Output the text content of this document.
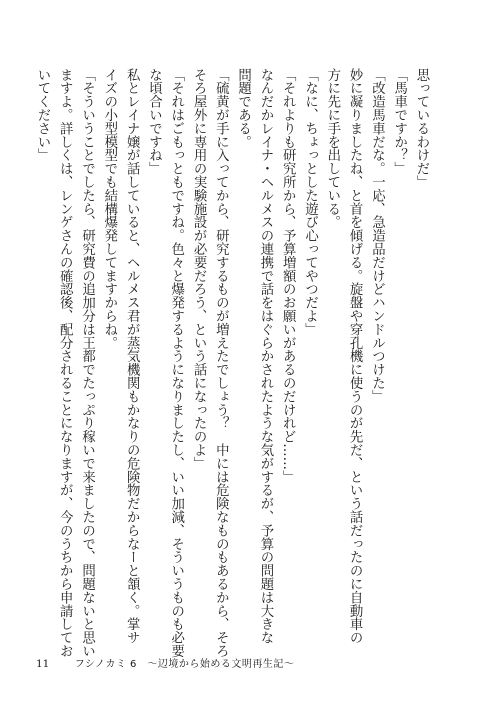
思っているわけだ」
「馬車ですか？」
「改造馬車だな。一応、急造品だけどハンドルつけた」
妙に凝りましたね、と首を傾げる。旋盤や穿孔機に使うのが先だ、という話だったのに自動車の
方に先に手を出している。
「なに、ちょっとした遊び心ってやつだよ」
「それよりも研究所から、予算増額のお願いがあるのだけれど……」
なんだかレイナ・ヘルメスの連携で話をはぐらかされたような気がするが、予算の問題は大きな
問題である。
「硫黄が手に入ってから、研究するものが増えたでしょう？　中には危険なものもあるから、そろ
そろ屋外に専用の実験施設が必要だろう、という話になったのよ」
「それはごもっともですね。色々と爆発するようになりましたし、いい加減、そういうものも必要
な頃合いですね」
私とレイナ嬢が話していると、ヘルメス君が蒸気機関もかなりの危険物だからなーと頷く。掌サ
イズの小型模型でも結構爆発してますからね。
「そういうことでしたら、研究費の追加分は王都でたっぷり稼いで来ましたので、問題ないと思い
ますよ。詳しくは、レンゲさんの確認後、配分されることになりますが、今のうちから申請してお
いてください」
11	フシノカミ 6　～辺境から始める文明再生記～
